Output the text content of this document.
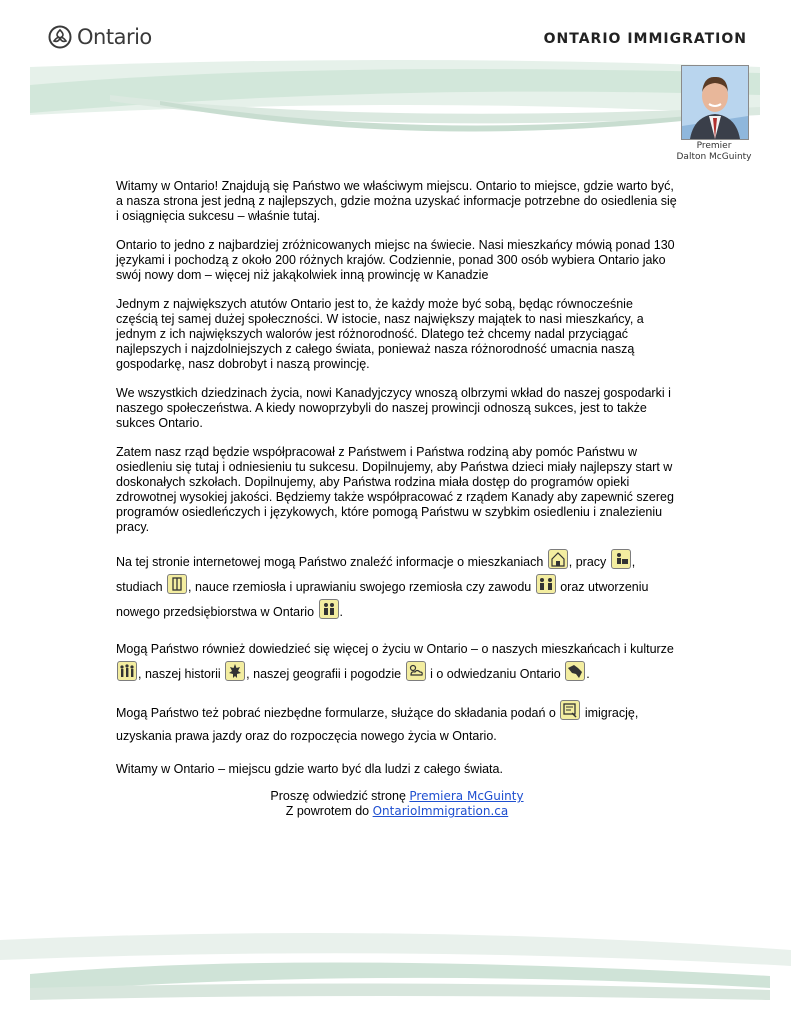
Ontario	ONTARIO IMMIGRATION
Premier
Dalton McGuinty

Witamy w Ontario! Znajdują się Państwo we właściwym miejscu. Ontario to miejsce, gdzie warto być, a nasza strona jest jedną z najlepszych, gdzie można uzyskać informacje potrzebne do osiedlenia się i osiągnięcia sukcesu – właśnie tutaj.

Ontario to jedno z najbardziej zróżnicowanych miejsc na świecie. Nasi mieszkańcy mówią ponad 130 językami i pochodzą z około 200 różnych krajów. Codziennie, ponad 300 osób wybiera Ontario jako swój nowy dom – więcej niż jakąkolwiek inną prowincję w Kanadzie

Jednym z największych atutów Ontario jest to, że każdy może być sobą, będąc równocześnie częścią tej samej dużej społeczności. W istocie, nasz największy majątek to nasi mieszkańcy, a jednym z ich największych walorów jest różnorodność. Dlatego też chcemy nadal przyciągać najlepszych i najzdolniejszych z całego świata, ponieważ nasza różnorodność umacnia naszą gospodarkę, nasz dobrobyt i naszą prowincję.

We wszystkich dziedzinach życia, nowi Kanadyjczycy wnoszą olbrzymi wkład do naszej gospodarki i naszego społeczeństwa. A kiedy nowoprzybyli do naszej prowincji odnoszą sukces, jest to także sukces Ontario.

Zatem nasz rząd będzie współpracował z Państwem i Państwa rodziną aby pomóc Państwu w osiedleniu się tutaj i odniesieniu tu sukcesu. Dopilnujemy, aby Państwa dzieci miały najlepszy start w doskonałych szkołach. Dopilnujemy, aby Państwa rodzina miała dostęp do programów opieki zdrowotnej wysokiej jakości. Będziemy także współpracować z rządem Kanady aby zapewnić szereg programów osiedleńczych i językowych, które pomogą Państwu w szybkim osiedleniu i znalezieniu pracy.

Na tej stronie internetowej mogą Państwo znaleźć informacje o mieszkaniach , pracy ,
studiach , nauce rzemiosła i uprawianiu swojego rzemiosła czy zawodu oraz utworzeniu nowego przedsiębiorstwa w Ontario .

Mogą Państwo również dowiedzieć się więcej o życiu w Ontario – o naszych mieszkańcach i kulturze
, naszej historii , naszej geografii i pogodzie i o odwiedzaniu Ontario .

Mogą Państwo też pobrać niezbędne formularze, służące do składania podań o imigrację, uzyskania prawa jazdy oraz do rozpoczęcia nowego życia w Ontario.

Witamy w Ontario – miejscu gdzie warto być dla ludzi z całego świata.

Proszę odwiedzić stronę Premiera McGuinty
Z powrotem do OntarioImmigration.ca
